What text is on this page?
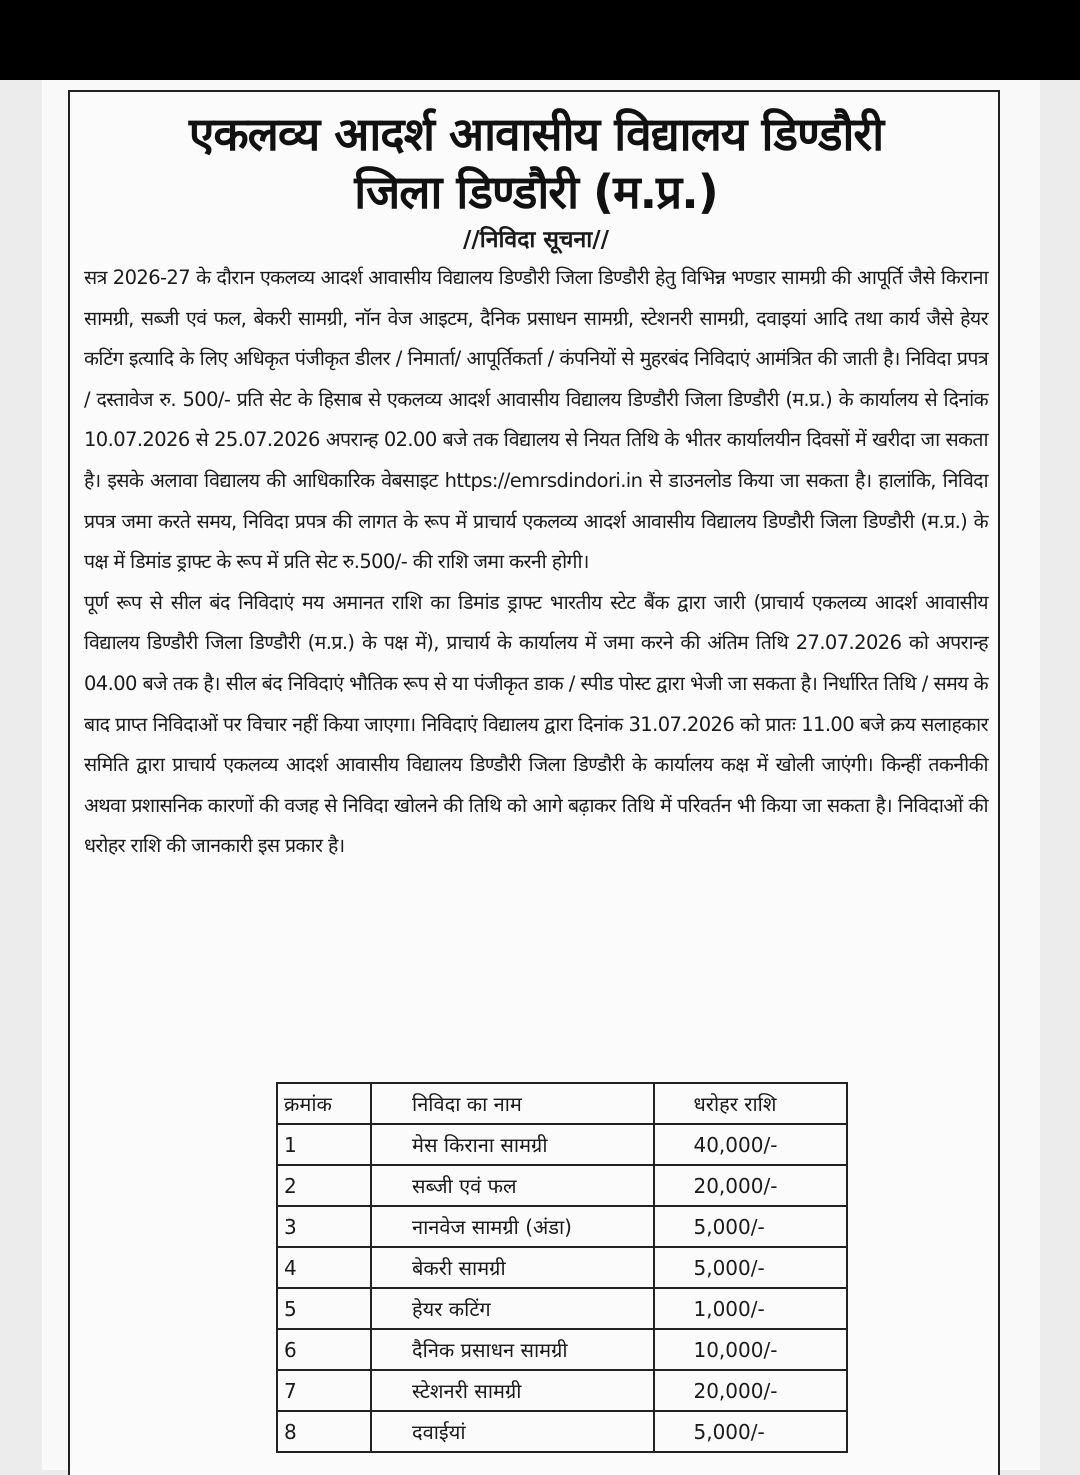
एकलव्य आदर्श आवासीय विद्यालय डिण्डौरी
जिला डिण्डौरी (म.प्र.)

//निविदा सूचना//

सत्र 2026-27 के दौरान एकलव्य आदर्श आवासीय विद्यालय डिण्डौरी जिला डिण्डौरी हेतु विभिन्न भण्डार सामग्री की आपूर्ति जैसे किराना सामग्री, सब्जी एवं फल, बेकरी सामग्री, नॉन वेज आइटम, दैनिक प्रसाधन सामग्री, स्टेशनरी सामग्री, दवाइयां आदि तथा कार्य जैसे हेयर कटिंग इत्यादि के लिए अधिकृत पंजीकृत डीलर / निमार्ता/ आपूर्तिकर्ता / कंपनियों से मुहरबंद निविदाएं आमंत्रित की जाती है। निविदा प्रपत्र / दस्तावेज रु. 500/- प्रति सेट के हिसाब से एकलव्य आदर्श आवासीय विद्यालय डिण्डौरी जिला डिण्डौरी (म.प्र.) के कार्यालय से दिनांक 10.07.2026 से 25.07.2026 अपरान्ह 02.00 बजे तक विद्यालय से नियत तिथि के भीतर कार्यालयीन दिवसों में खरीदा जा सकता है। इसके अलावा विद्यालय की आधिकारिक वेबसाइट https://emrsdindori.in से डाउनलोड किया जा सकता है। हालांकि, निविदा प्रपत्र जमा करते समय, निविदा प्रपत्र की लागत के रूप में प्राचार्य एकलव्य आदर्श आवासीय विद्यालय डिण्डौरी जिला डिण्डौरी (म.प्र.) के पक्ष में डिमांड ड्राफ्ट के रूप में प्रति सेट रु.500/- की राशि जमा करनी होगी।

पूर्ण रूप से सील बंद निविदाएं मय अमानत राशि का डिमांड ड्राफ्ट भारतीय स्टेट बैंक द्वारा जारी (प्राचार्य एकलव्य आदर्श आवासीय विद्यालय डिण्डौरी जिला डिण्डौरी (म.प्र.) के पक्ष में), प्राचार्य के कार्यालय में जमा करने की अंतिम तिथि 27.07.2026 को अपरान्ह 04.00 बजे तक है। सील बंद निविदाएं भौतिक रूप से या पंजीकृत डाक / स्पीड पोस्ट द्वारा भेजी जा सकता है। निर्धारित तिथि / समय के बाद प्राप्त निविदाओं पर विचार नहीं किया जाएगा। निविदाएं विद्यालय द्वारा दिनांक 31.07.2026 को प्रातः 11.00 बजे क्रय सलाहकार समिति द्वारा प्राचार्य एकलव्य आदर्श आवासीय विद्यालय डिण्डौरी जिला डिण्डौरी के कार्यालय कक्ष में खोली जाएंगी। किन्हीं तकनीकी अथवा प्रशासनिक कारणों की वजह से निविदा खोलने की तिथि को आगे बढ़ाकर तिथि में परिवर्तन भी किया जा सकता है। निविदाओं की धरोहर राशि की जानकारी इस प्रकार है।

क्रमांक	निविदा का नाम	धरोहर राशि
1	मेस किराना सामग्री	40,000/-
2	सब्जी एवं फल	20,000/-
3	नानवेज सामग्री (अंडा)	5,000/-
4	बेकरी सामग्री	5,000/-
5	हेयर कटिंग	1,000/-
6	दैनिक प्रसाधन सामग्री	10,000/-
7	स्टेशनरी सामग्री	20,000/-
8	दवाईयां	5,000/-
